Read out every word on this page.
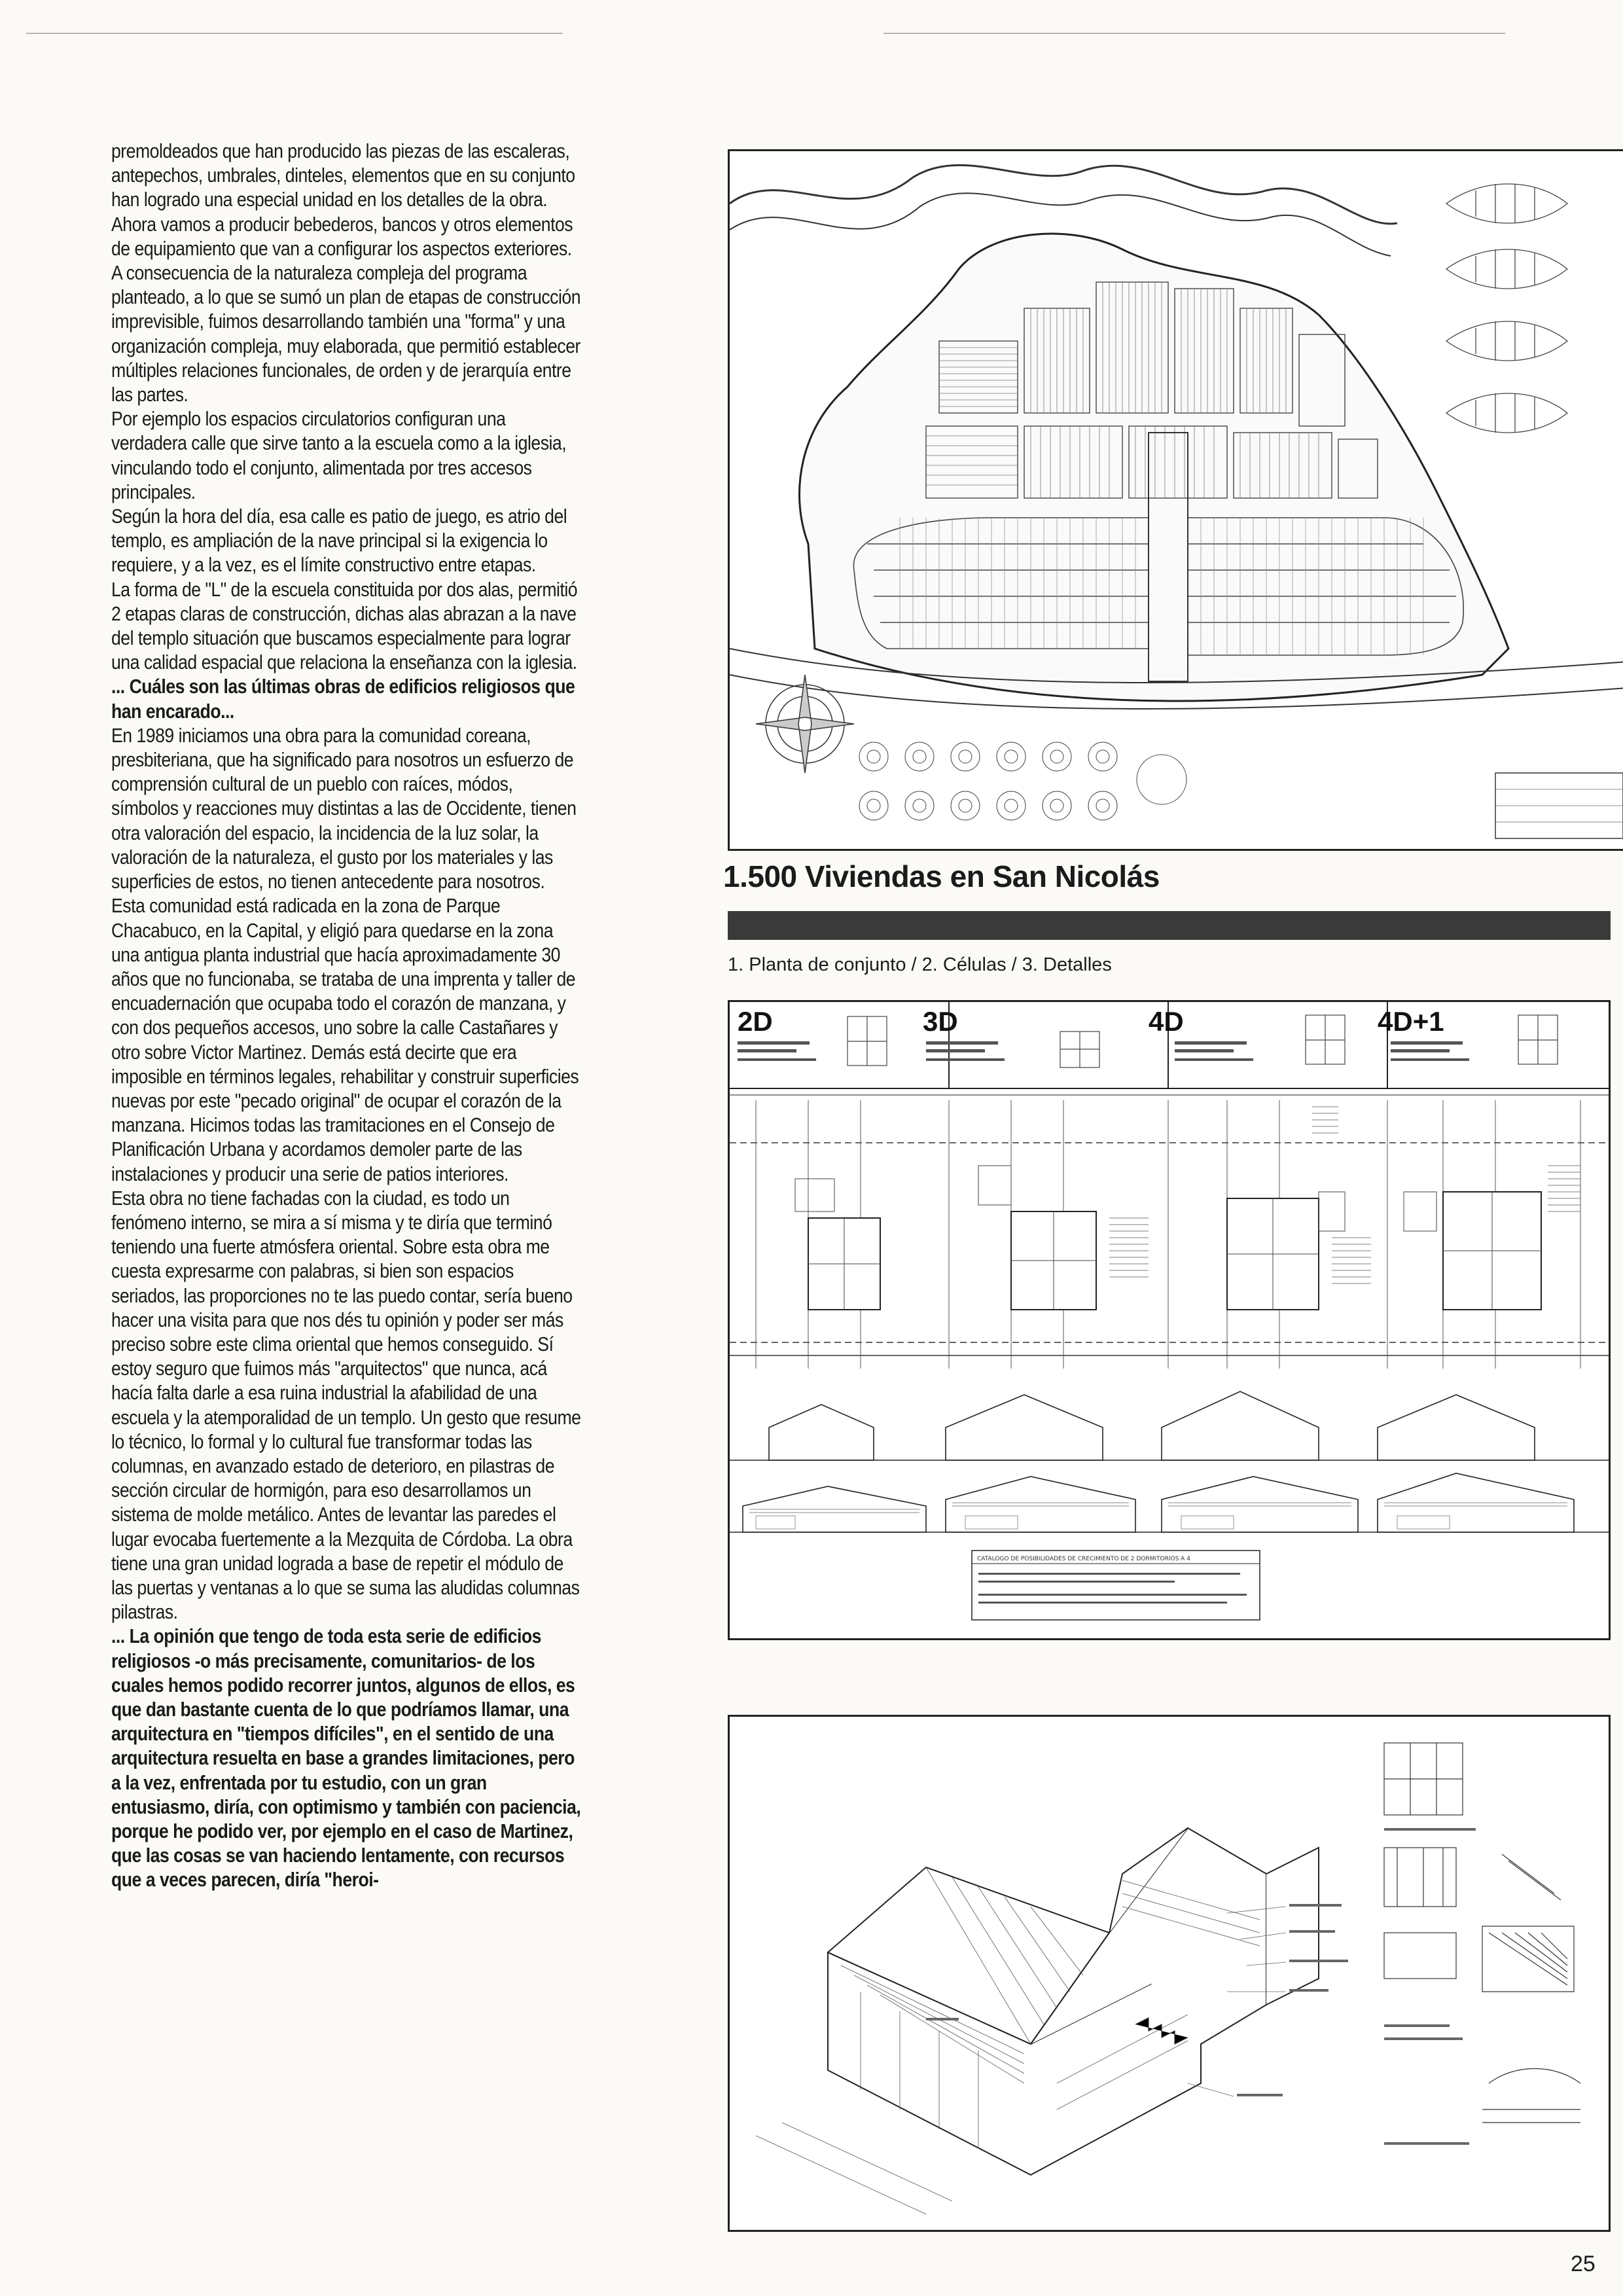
premoldeados que han producido las piezas de las escaleras, antepechos, umbrales, dinteles, elementos que en su conjunto han logrado una especial unidad en los detalles de la obra. Ahora vamos a producir bebederos, bancos y otros elementos de equipamiento que van a configurar los aspectos exteriores.

A consecuencia de la naturaleza compleja del programa planteado, a lo que se sumó un plan de etapas de construcción imprevisible, fuimos desarrollando también una "forma" y una organización compleja, muy elaborada, que permitió establecer múltiples relaciones funcionales, de orden y de jerarquía entre las partes.

Por ejemplo los espacios circulatorios configuran una verdadera calle que sirve tanto a la escuela como a la iglesia, vinculando todo el conjunto, alimentada por tres accesos principales.

Según la hora del día, esa calle es patio de juego, es atrio del templo, es ampliación de la nave principal si la exigencia lo requiere, y a la vez, es el límite constructivo entre etapas.

La forma de "L" de la escuela constituida por dos alas, permitió 2 etapas claras de construcción, dichas alas abrazan a la nave del templo situación que buscamos especialmente para lograr una calidad espacial que relaciona la enseñanza con la iglesia.

... Cuáles son las últimas obras de edificios religiosos que han encarado...

En 1989 iniciamos una obra para la comunidad coreana, presbiteriana, que ha significado para nosotros un esfuerzo de comprensión cultural de un pueblo con raíces, módos, símbolos y reacciones muy distintas a las de Occidente, tienen otra valoración del espacio, la incidencia de la luz solar, la valoración de la naturaleza, el gusto por los materiales y las superficies de estos, no tienen antecedente para nosotros.

Esta comunidad está radicada en la zona de Parque Chacabuco, en la Capital, y eligió para quedarse en la zona una antigua planta industrial que hacía aproximadamente 30 años que no funcionaba, se trataba de una imprenta y taller de encuadernación que ocupaba todo el corazón de manzana, y con dos pequeños accesos, uno sobre la calle Castañares y otro sobre Victor Martinez. Demás está decirte que era imposible en términos legales, rehabilitar y construir superficies nuevas por este "pecado original" de ocupar el corazón de la manzana. Hicimos todas las tramitaciones en el Consejo de Planificación Urbana y acordamos demoler parte de las instalaciones y producir una serie de patios interiores.

Esta obra no tiene fachadas con la ciudad, es todo un fenómeno interno, se mira a sí misma y te diría que terminó teniendo una fuerte atmósfera oriental. Sobre esta obra me cuesta expresarme con palabras, si bien son espacios seriados, las proporciones no te las puedo contar, sería bueno hacer una visita para que nos dés tu opinión y poder ser más preciso sobre este clima oriental que hemos conseguido. Sí estoy seguro que fuimos más "arquitectos" que nunca, acá hacía falta darle a esa ruina industrial la afabilidad de una escuela y la atemporalidad de un templo. Un gesto que resume lo técnico, lo formal y lo cultural fue transformar todas las columnas, en avanzado estado de deterioro, en pilastras de sección circular de hormigón, para eso desarrollamos un sistema de molde metálico. Antes de levantar las paredes el lugar evocaba fuertemente a la Mezquita de Córdoba. La obra tiene una gran unidad lograda a base de repetir el módulo de las puertas y ventanas a lo que se suma las aludidas columnas pilastras.

... La opinión que tengo de toda esta serie de edificios religiosos -o más precisamente, comunitarios- de los cuales hemos podido recorrer juntos, algunos de ellos, es que dan bastante cuenta de lo que podríamos llamar, una arquitectura en "tiempos difíciles", en el sentido de una arquitectura resuelta en base a grandes limitaciones, pero a la vez, enfrentada por tu estudio, con un gran entusiasmo, diría, con optimismo y también con paciencia, porque he podido ver, por ejemplo en el caso de Martinez, que las cosas se van haciendo lentamente, con recursos que a veces parecen, diría "heroi-

1.500 Viviendas en San Nicolás
1. Planta de conjunto / 2. Células / 3. Detalles
2D	3D	4D	4D+1
CATALOGO DE POSIBILIDADES DE CRECIMIENTO DE 2 DORMITORIOS A 4
25
